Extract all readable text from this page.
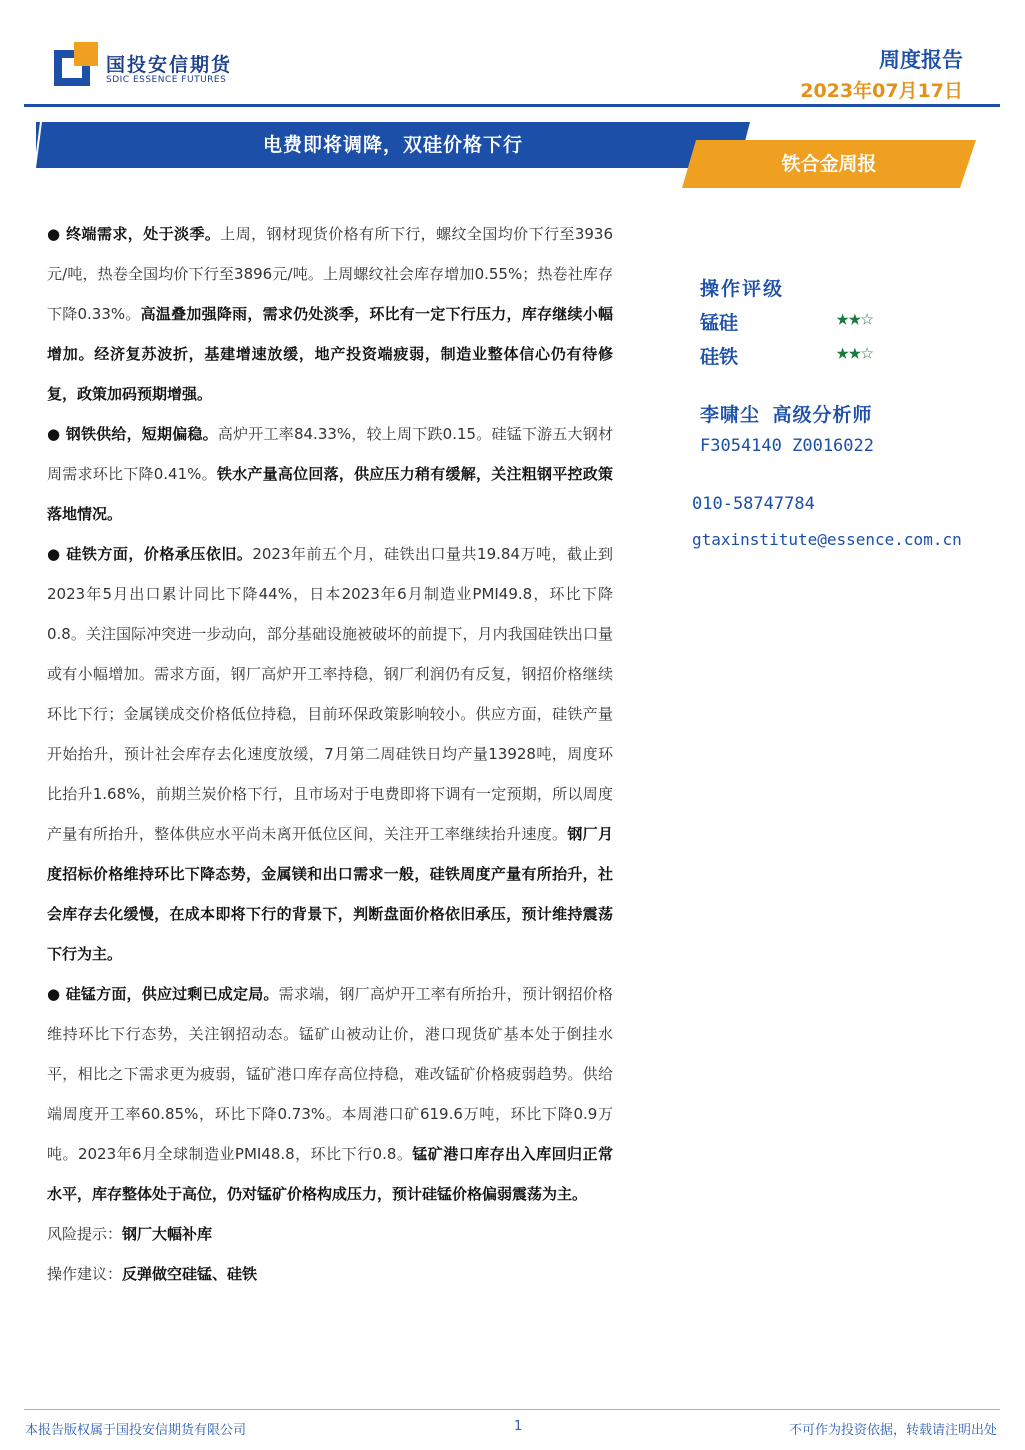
国投安信期货
SDIC ESSENCE FUTURES
周度报告
2023年07月17日
电费即将调降，双硅价格下行
铁合金周报

● 终端需求，处于淡季。上周，钢材现货价格有所下行，螺纹全国均价下行至3936元/吨，热卷全国均价下行至3896元/吨。上周螺纹社会库存增加0.55%；热卷社库存下降0.33%。高温叠加强降雨，需求仍处淡季，环比有一定下行压力，库存继续小幅增加。经济复苏波折，基建增速放缓，地产投资端疲弱，制造业整体信心仍有待修复，政策加码预期增强。

● 钢铁供给，短期偏稳。高炉开工率84.33%，较上周下跌0.15。硅锰下游五大钢材周需求环比下降0.41%。铁水产量高位回落，供应压力稍有缓解，关注粗钢平控政策落地情况。

● 硅铁方面，价格承压依旧。2023年前五个月，硅铁出口量共19.84万吨，截止到2023年5月出口累计同比下降44%，日本2023年6月制造业PMI49.8，环比下降0.8。关注国际冲突进一步动向，部分基础设施被破坏的前提下，月内我国硅铁出口量或有小幅增加。需求方面，钢厂高炉开工率持稳，钢厂利润仍有反复，钢招价格继续环比下行；金属镁成交价格低位持稳，目前环保政策影响较小。供应方面，硅铁产量开始抬升，预计社会库存去化速度放缓，7月第二周硅铁日均产量13928吨，周度环比抬升1.68%，前期兰炭价格下行，且市场对于电费即将下调有一定预期，所以周度产量有所抬升，整体供应水平尚未离开低位区间，关注开工率继续抬升速度。钢厂月度招标价格维持环比下降态势，金属镁和出口需求一般，硅铁周度产量有所抬升，社会库存去化缓慢，在成本即将下行的背景下，判断盘面价格依旧承压，预计维持震荡下行为主。

● 硅锰方面，供应过剩已成定局。需求端，钢厂高炉开工率有所抬升，预计钢招价格维持环比下行态势，关注钢招动态。锰矿山被动让价，港口现货矿基本处于倒挂水平，相比之下需求更为疲弱，锰矿港口库存高位持稳，难改锰矿价格疲弱趋势。供给端周度开工率60.85%，环比下降0.73%。本周港口矿619.6万吨，环比下降0.9万吨。2023年6月全球制造业PMI48.8，环比下行0.8。锰矿港口库存出入库回归正常水平，库存整体处于高位，仍对锰矿价格构成压力，预计硅锰价格偏弱震荡为主。

风险提示：钢厂大幅补库

操作建议：反弹做空硅锰、硅铁

操作评级
锰硅	★★☆
硅铁	★★☆
李啸尘 高级分析师
F3054140 Z0016022
010-58747784
gtaxinstitute@essence.com.cn
本报告版权属于国投安信期货有限公司	1	不可作为投资依据，转载请注明出处
